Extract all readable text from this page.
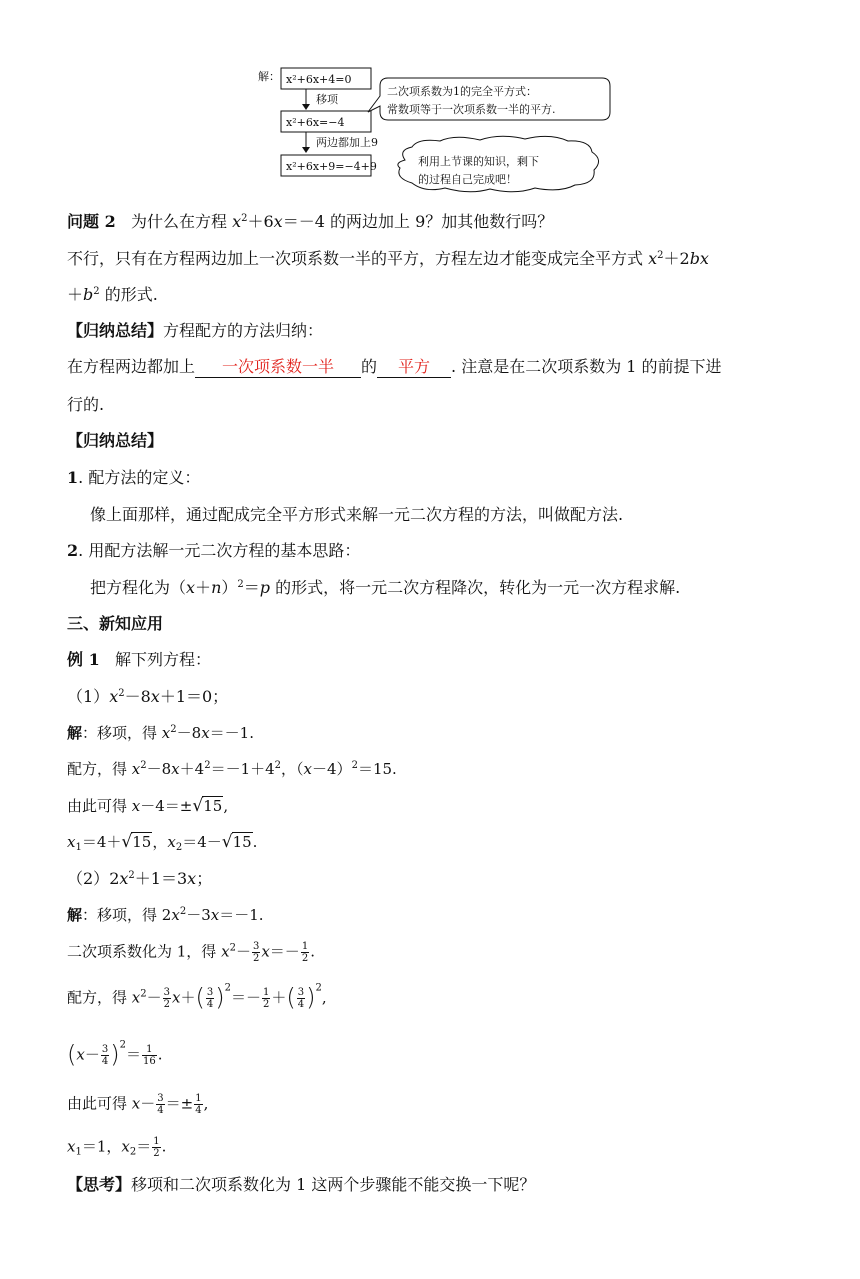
解： x²+6x+4=0
移项
x²+6x=−4
两边都加上9
x²+6x+9=−4+9
二次项系数为1的完全平方式：
常数项等于一次项系数一半的平方.
利用上节课的知识，剩下
的过程自己完成吧！
问题 2 为什么在方程 $x^2+6x=-4$ 的两边加上 9？加其他数行吗？
不行，只有在方程两边加上一次项系数一半的平方，方程左边才能变成完全平方式 $x^2+2bx$
$+b^2$ 的形式.
【归纳总结】方程配方的方法归纳：
在方程两边都加上 一次项系数一半 的 平方 . 注意是在二次项系数为 1 的前提下进
行的.
【归纳总结】
1. 配方法的定义：
像上面那样，通过配成完全平方形式来解一元二次方程的方法，叫做配方法.
2. 用配方法解一元二次方程的基本思路：
把方程化为$(x+n)^2=p$ 的形式，将一元二次方程降次，转化为一元一次方程求解.
三、新知应用
例 1 解下列方程：
$(1)x^2-8x+1=0$；
解：移项，得 $x^2-8x=-1$.
配方，得 $x^2-8x+4^2=-1+4^2$，$(x-4)^2=15$.
由此可得 x－4＝±√15,
$x_1=4+√15$，$x_2=4-√15$.
$(2)2x^2+1=3x$；
解：移项，得 $2x^2-3x=-1$.
二次项系数化为 1，得 $x^2- \frac{3}{2} x=- \frac{1}{2}$ .
配方，得 $x^2- \frac{3}{2} x+( \frac{3}{4} )^2=- \frac{1}{2}$ ＋( $\frac{3}{4} )^2$,
$(x- \frac{3}{4} )^2= \frac{1}{16}$ .
由此可得 $x- \frac{3}{4} =\pm \frac{1}{4}$ ,
$x_1=1$，$x_2= \frac{1}{2}$ .
【思考】移项和二次项系数化为 1 这两个步骤能不能交换一下呢？
